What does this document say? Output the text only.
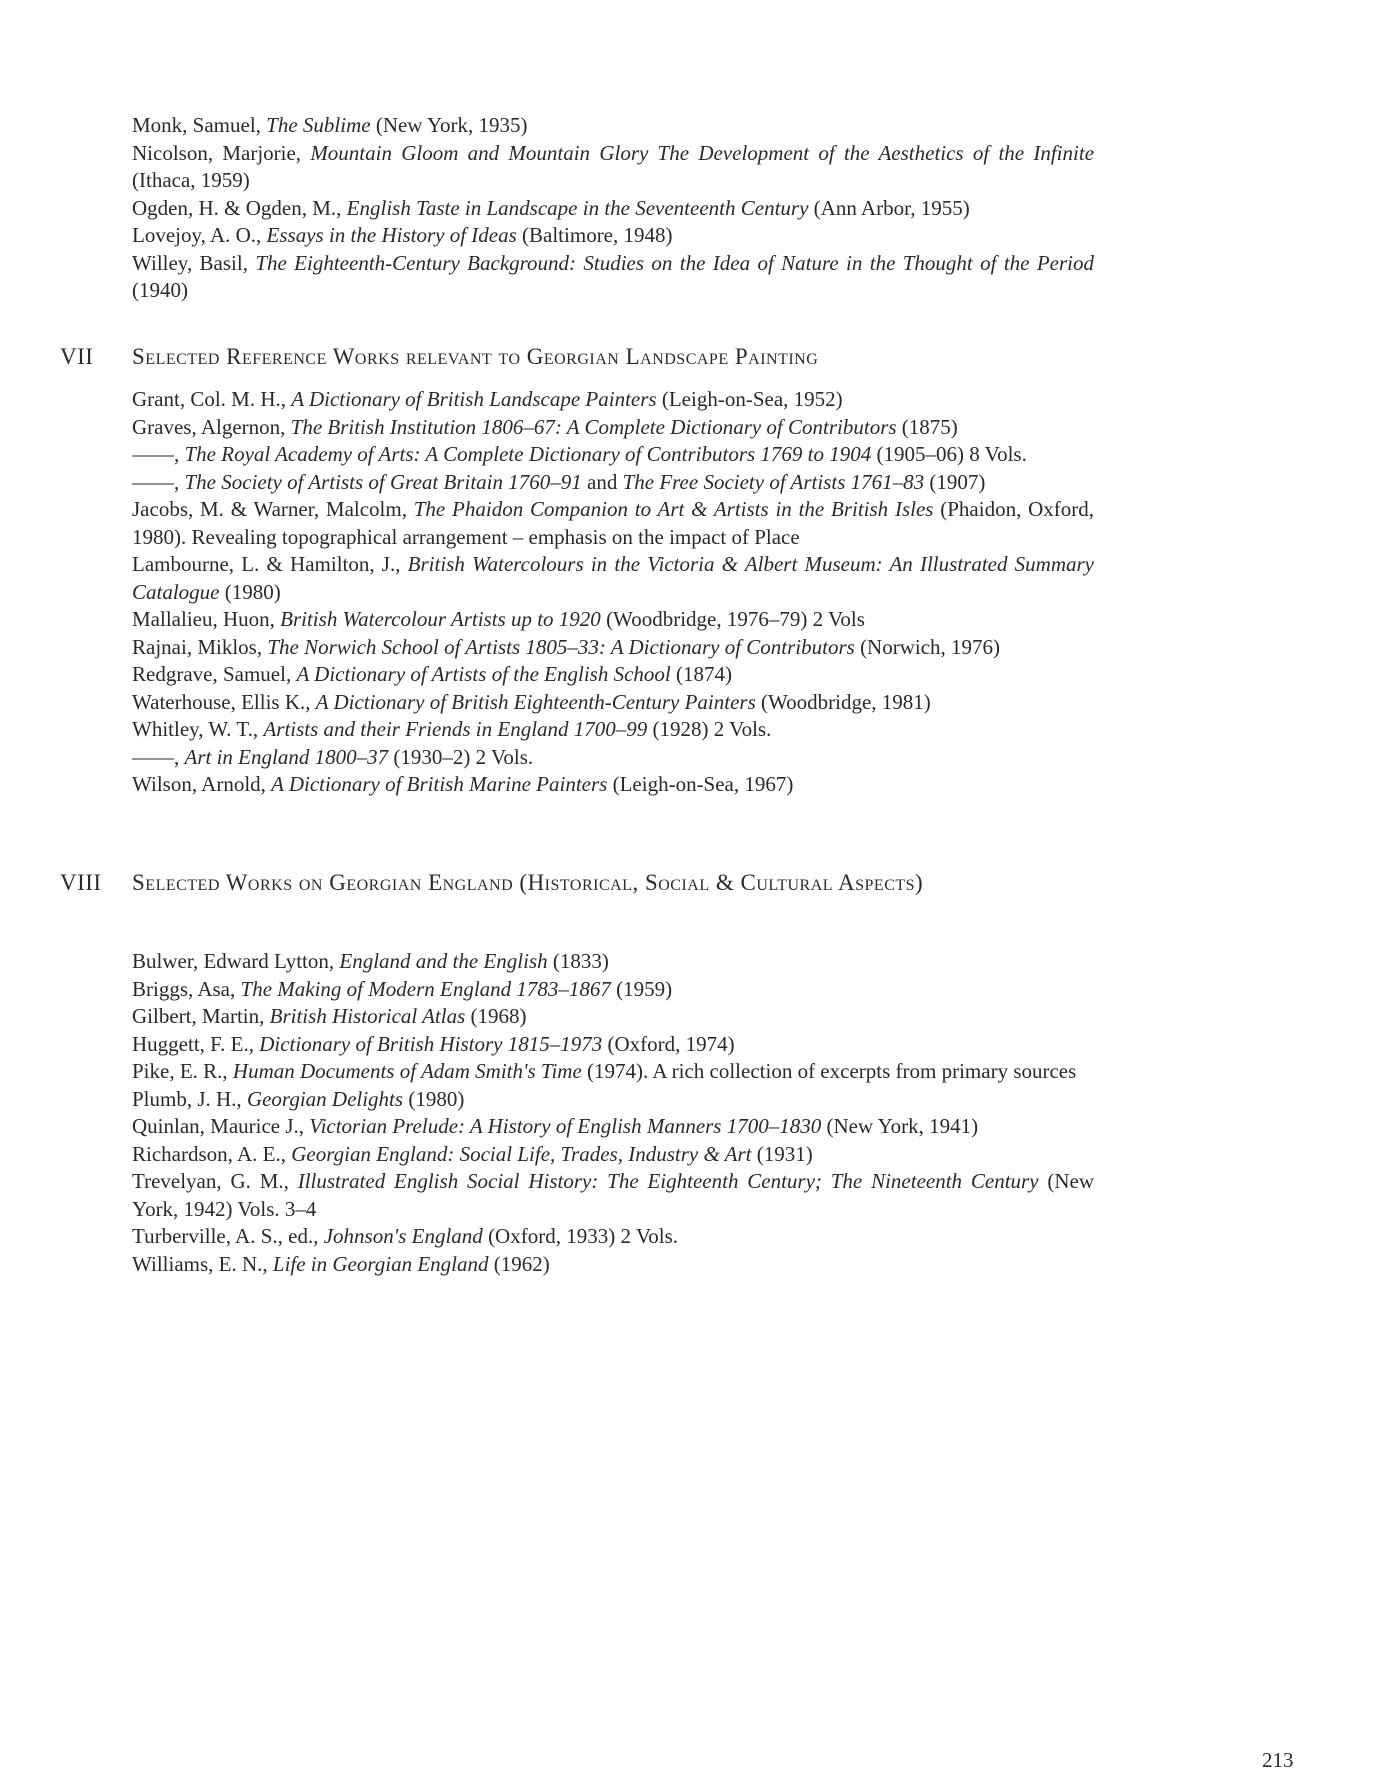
Monk, Samuel, The Sublime (New York, 1935)
Nicolson, Marjorie, Mountain Gloom and Mountain Glory The Development of the Aesthetics of the Infinite (Ithaca, 1959)
Ogden, H. & Ogden, M., English Taste in Landscape in the Seventeenth Century (Ann Arbor, 1955)
Lovejoy, A. O., Essays in the History of Ideas (Baltimore, 1948)
Willey, Basil, The Eighteenth-Century Background: Studies on the Idea of Nature in the Thought of the Period (1940)
VII	Selected Reference Works relevant to Georgian Landscape Painting
Grant, Col. M. H., A Dictionary of British Landscape Painters (Leigh-on-Sea, 1952)
Graves, Algernon, The British Institution 1806–67: A Complete Dictionary of Contributors (1875)
——, The Royal Academy of Arts: A Complete Dictionary of Contributors 1769 to 1904 (1905–06) 8 Vols.
——, The Society of Artists of Great Britain 1760–91 and The Free Society of Artists 1761–83 (1907)
Jacobs, M. & Warner, Malcolm, The Phaidon Companion to Art & Artists in the British Isles (Phaidon, Oxford, 1980). Revealing topographical arrangement – emphasis on the impact of Place
Lambourne, L. & Hamilton, J., British Watercolours in the Victoria & Albert Museum: An Illustrated Summary Catalogue (1980)
Mallalieu, Huon, British Watercolour Artists up to 1920 (Woodbridge, 1976–79) 2 Vols
Rajnai, Miklos, The Norwich School of Artists 1805–33: A Dictionary of Contributors (Norwich, 1976)
Redgrave, Samuel, A Dictionary of Artists of the English School (1874)
Waterhouse, Ellis K., A Dictionary of British Eighteenth-Century Painters (Woodbridge, 1981)
Whitley, W. T., Artists and their Friends in England 1700–99 (1928) 2 Vols.
——, Art in England 1800–37 (1930–2) 2 Vols.
Wilson, Arnold, A Dictionary of British Marine Painters (Leigh-on-Sea, 1967)
VIII	Selected Works on Georgian England (Historical, Social & Cultural Aspects)
Bulwer, Edward Lytton, England and the English (1833)
Briggs, Asa, The Making of Modern England 1783–1867 (1959)
Gilbert, Martin, British Historical Atlas (1968)
Huggett, F. E., Dictionary of British History 1815–1973 (Oxford, 1974)
Pike, E. R., Human Documents of Adam Smith's Time (1974). A rich collection of excerpts from primary sources
Plumb, J. H., Georgian Delights (1980)
Quinlan, Maurice J., Victorian Prelude: A History of English Manners 1700–1830 (New York, 1941)
Richardson, A. E., Georgian England: Social Life, Trades, Industry & Art (1931)
Trevelyan, G. M., Illustrated English Social History: The Eighteenth Century; The Nineteenth Century (New York, 1942) Vols. 3–4
Turberville, A. S., ed., Johnson's England (Oxford, 1933) 2 Vols.
Williams, E. N., Life in Georgian England (1962)
213
